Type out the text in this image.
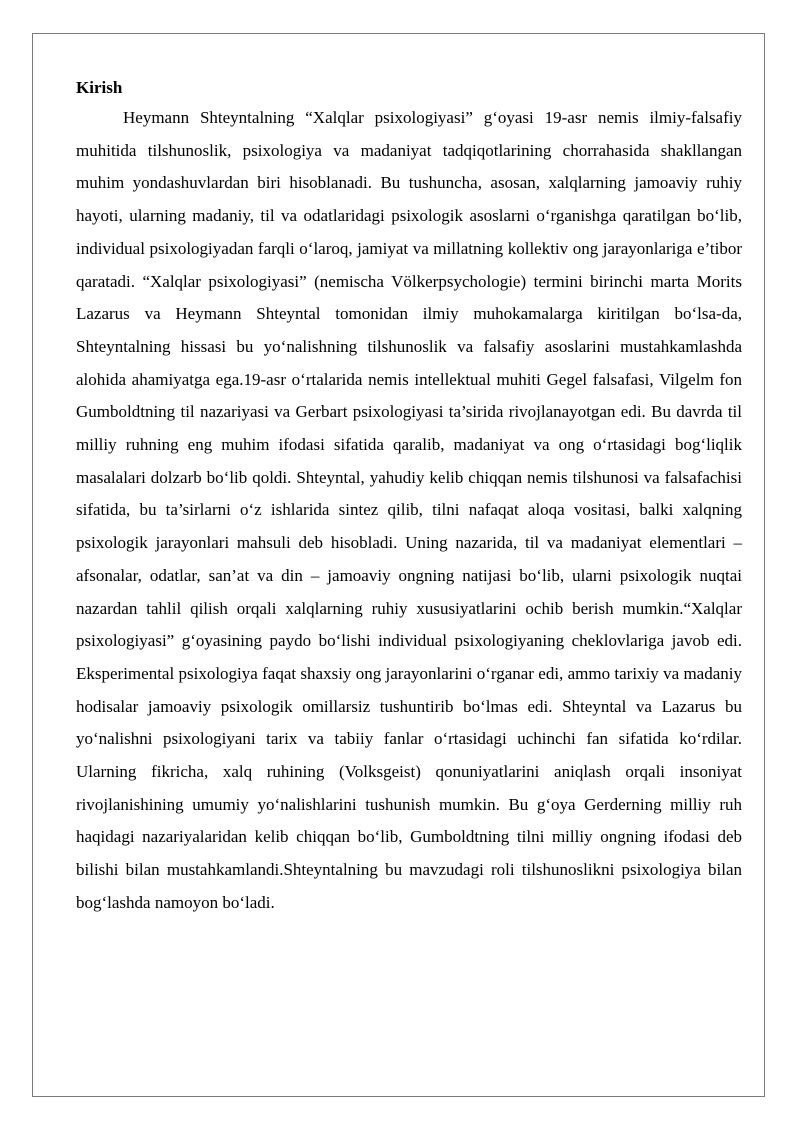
Kirish

Heymann Shteyntalning “Xalqlar psixologiyasi” g‘oyasi 19-asr nemis ilmiy-falsafiy muhitida tilshunoslik, psixologiya va madaniyat tadqiqotlarining chorrahasida shakllangan muhim yondashuvlardan biri hisoblanadi. Bu tushuncha, asosan, xalqlarning jamoaviy ruhiy hayoti, ularning madaniy, til va odatlaridagi psixologik asoslarni o‘rganishga qaratilgan bo‘lib, individual psixologiyadan farqli o‘laroq, jamiyat va millatning kollektiv ong jarayonlariga e’tibor qaratadi. “Xalqlar psixologiyasi” (nemischa Völkerpsychologie) termini birinchi marta Morits Lazarus va Heymann Shteyntal tomonidan ilmiy muhokamalarga kiritilgan bo‘lsa-da, Shteyntalning hissasi bu yo‘nalishning tilshunoslik va falsafiy asoslarini mustahkamlashda alohida ahamiyatga ega.19-asr o‘rtalarida nemis intellektual muhiti Gegel falsafasi, Vilgelm fon Gumboldtning til nazariyasi va Gerbart psixologiyasi ta’sirida rivojlanayotgan edi. Bu davrda til milliy ruhning eng muhim ifodasi sifatida qaralib, madaniyat va ong o‘rtasidagi bog‘liqlik masalalari dolzarb bo‘lib qoldi. Shteyntal, yahudiy kelib chiqqan nemis tilshunosi va falsafachisi sifatida, bu ta’sirlarni o‘z ishlarida sintez qilib, tilni nafaqat aloqa vositasi, balki xalqning psixologik jarayonlari mahsuli deb hisobladi. Uning nazarida, til va madaniyat elementlari – afsonalar, odatlar, san’at va din – jamoaviy ongning natijasi bo‘lib, ularni psixologik nuqtai nazardan tahlil qilish orqali xalqlarning ruhiy xususiyatlarini ochib berish mumkin.“Xalqlar psixologiyasi” g‘oyasining paydo bo‘lishi individual psixologiyaning cheklovlariga javob edi. Eksperimental psixologiya faqat shaxsiy ong jarayonlarini o‘rganar edi, ammo tarixiy va madaniy hodisalar jamoaviy psixologik omillarsiz tushuntirib bo‘lmas edi. Shteyntal va Lazarus bu yo‘nalishni psixologiyani tarix va tabiiy fanlar o‘rtasidagi uchinchi fan sifatida ko‘rdilar. Ularning fikricha, xalq ruhining (Volksgeist) qonuniyatlarini aniqlash orqali insoniyat rivojlanishining umumiy yo‘nalishlarini tushunish mumkin. Bu g‘oya Gerderning milliy ruh haqidagi nazariyalaridan kelib chiqqan bo‘lib, Gumboldtning tilni milliy ongning ifodasi deb bilishi bilan mustahkamlandi.Shteyntalning bu mavzudagi roli tilshunoslikni psixologiya bilan bog‘lashda namoyon bo‘ladi.
